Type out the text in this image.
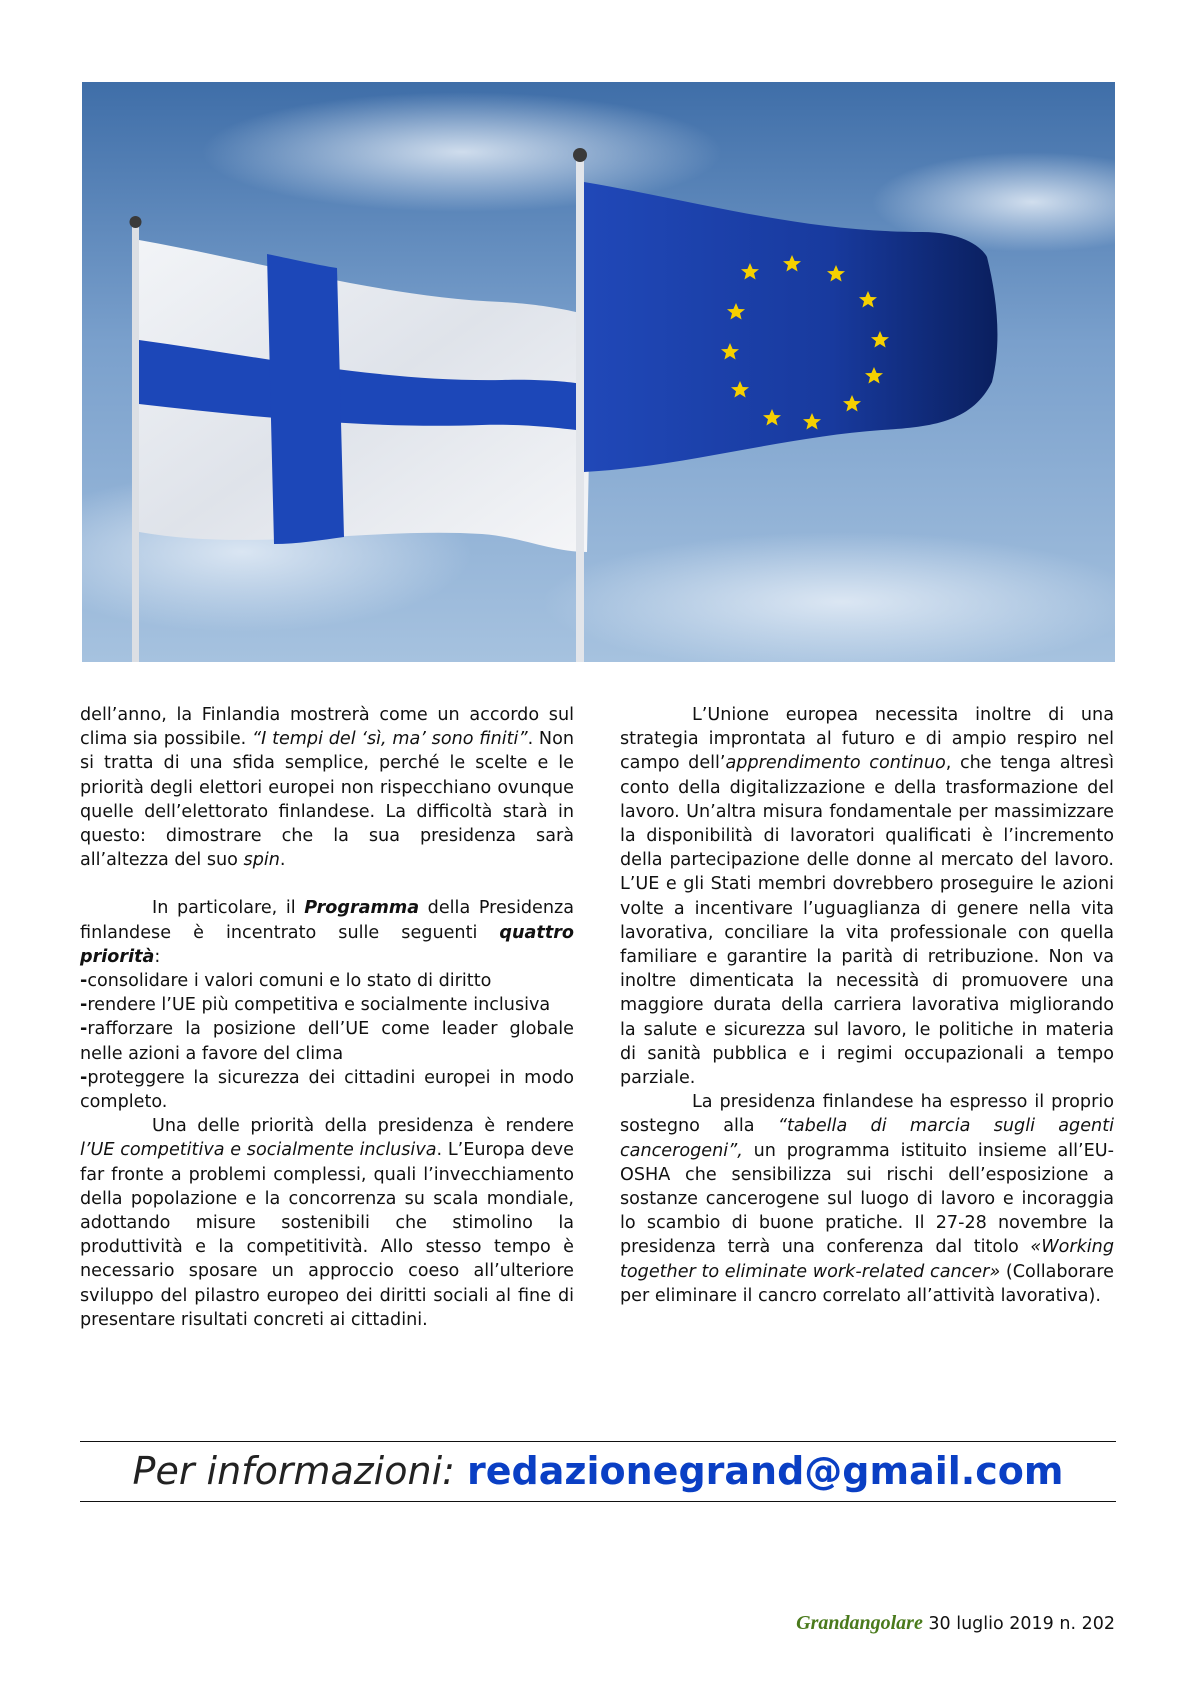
dell’anno, la Finlandia mostrerà come un accordo sul clima sia possibile. “I tempi del ‘sì, ma’ sono finiti”. Non si tratta di una sfida semplice, perché le scelte e le priorità degli elettori europei non rispecchiano ovunque quelle dell’elettorato finlandese. La difficoltà starà in questo: dimostrare che la sua presidenza sarà all’altezza del suo spin.

In particolare, il Programma della Presidenza finlandese è incentrato sulle seguenti quattro priorità:

-consolidare i valori comuni e lo stato di diritto

-rendere l’UE più competitiva e socialmente inclusiva

-rafforzare la posizione dell’UE come leader globale nelle azioni a favore del clima

-proteggere la sicurezza dei cittadini europei in modo completo.

Una delle priorità della presidenza è rendere l’UE competitiva e socialmente inclusiva. L’Europa deve far fronte a problemi complessi, quali l’invecchiamento della popolazione e la concorrenza su scala mondiale, adottando misure sostenibili che stimolino la produttività e la competitività. Allo stesso tempo è necessario sposare un approccio coeso all’ulteriore sviluppo del pilastro europeo dei diritti sociali al fine di presentare risultati concreti ai cittadini.

L’Unione europea necessita inoltre di una strategia improntata al futuro e di ampio respiro nel campo dell’apprendimento continuo, che tenga altresì conto della digitalizzazione e della trasformazione del lavoro. Un’altra misura fondamentale per massimizzare la disponibilità di lavoratori qualificati è l’incremento della partecipazione delle donne al mercato del lavoro. L’UE e gli Stati membri dovrebbero proseguire le azioni volte a incentivare l’uguaglianza di genere nella vita lavorativa, conciliare la vita professionale con quella familiare e garantire la parità di retribuzione. Non va inoltre dimenticata la necessità di promuovere una maggiore durata della carriera lavorativa migliorando la salute e sicurezza sul lavoro, le politiche in materia di sanità pubblica e i regimi occupazionali a tempo parziale.

La presidenza finlandese ha espresso il proprio sostegno alla “tabella di marcia sugli agenti cancerogeni”, un programma istituito insieme all’EU-OSHA che sensibilizza sui rischi dell’esposizione a sostanze cancerogene sul luogo di lavoro e incoraggia lo scambio di buone pratiche. Il 27-28 novembre la presidenza terrà una conferenza dal titolo «Working together to eliminate work-related cancer» (Collaborare per eliminare il cancro correlato all’attività lavorativa).

Per informazioni: redazionegrand@gmail.com
Grandangolare 30 luglio 2019 n. 202
